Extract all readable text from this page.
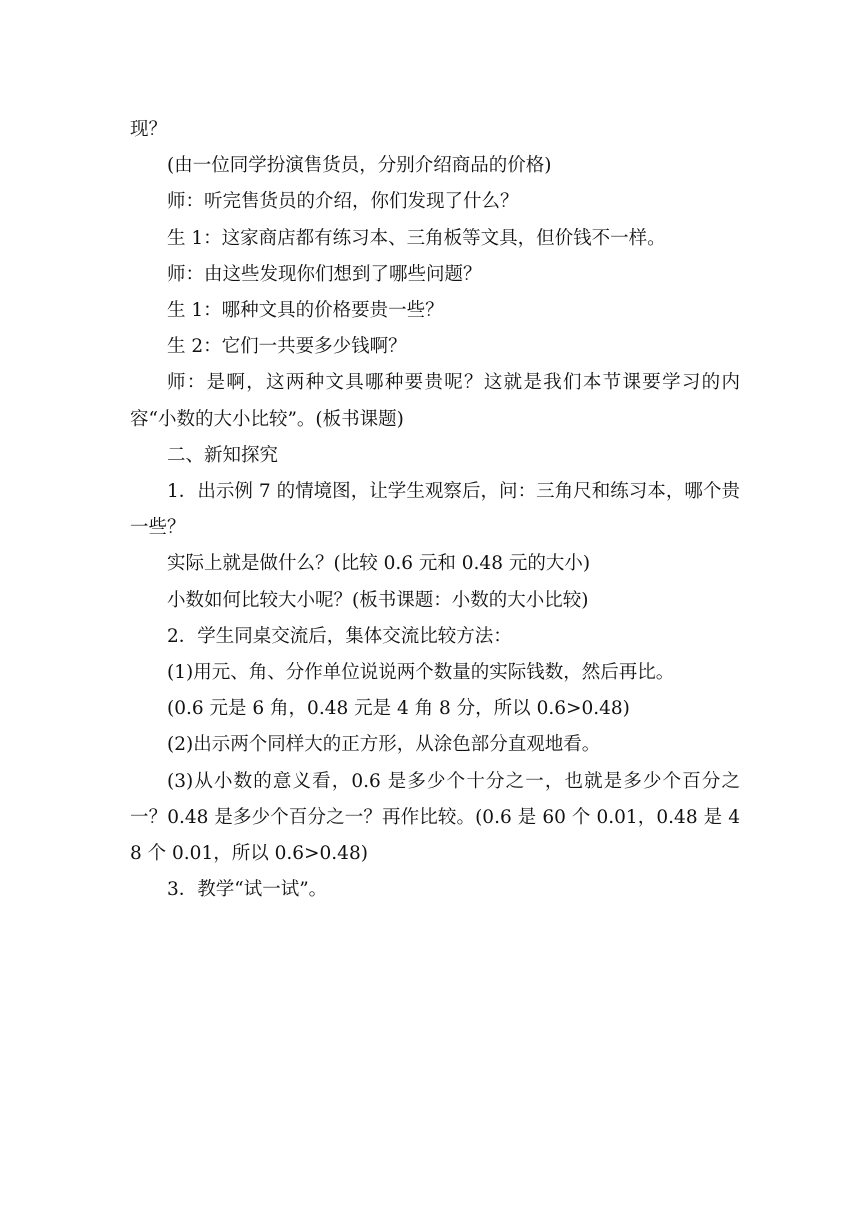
现？

(由一位同学扮演售货员，分别介绍商品的价格)

师：听完售货员的介绍，你们发现了什么？

生 1：这家商店都有练习本、三角板等文具，但价钱不一样。

师：由这些发现你们想到了哪些问题？

生 1：哪种文具的价格要贵一些？

生 2：它们一共要多少钱啊？

师：是啊，这两种文具哪种要贵呢？这就是我们本节课要学习的内容“小数的大小比较”。(板书课题)

二、新知探究

1．出示例 7 的情境图，让学生观察后，问：三角尺和练习本，哪个贵一些？

实际上就是做什么？(比较 0.6 元和 0.48 元的大小)

小数如何比较大小呢？(板书课题：小数的大小比较)

2．学生同桌交流后，集体交流比较方法：

(1)用元、角、分作单位说说两个数量的实际钱数，然后再比。

(0.6 元是 6 角，0.48 元是 4 角 8 分，所以 0.6>0.48)

(2)出示两个同样大的正方形，从涂色部分直观地看。

(3)从小数的意义看，0.6 是多少个十分之一，也就是多少个百分之一？0.48 是多少个百分之一？再作比较。(0.6 是 60 个 0.01，0.48 是 48 个 0.01，所以 0.6>0.48)

3．教学“试一试”。
